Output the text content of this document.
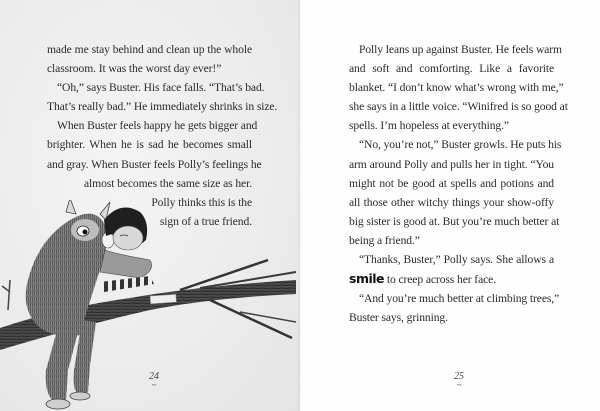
made me stay behind and clean up the whole
classroom. It was the worst day ever!”
“Oh,” says Buster. His face falls. “That’s bad.
That’s really bad.” He immediately shrinks in size.
When Buster feels happy he gets bigger and
brighter. When he is sad he becomes small
and gray. When Buster feels Polly’s feelings he
almost becomes the same size as her.
Polly thinks this is the
sign of a true friend.
24
~
Polly leans up against Buster. He feels warm
and soft and comforting. Like a favorite
blanket. “I don’t know what’s wrong with me,”
she says in a little voice. “Winifred is so good at
spells. I’m hopeless at everything.”
“No, you’re not,” Buster growls. He puts his
arm around Polly and pulls her in tight. “You
might not be good at spells and potions and
all those other witchy things your show-offy
big sister is good at. But you’re much better at
being a friend.”
“Thanks, Buster,” Polly says. She allows a
smile to creep across her face.
“And you’re much better at climbing trees,”
Buster says, grinning.
25
~
